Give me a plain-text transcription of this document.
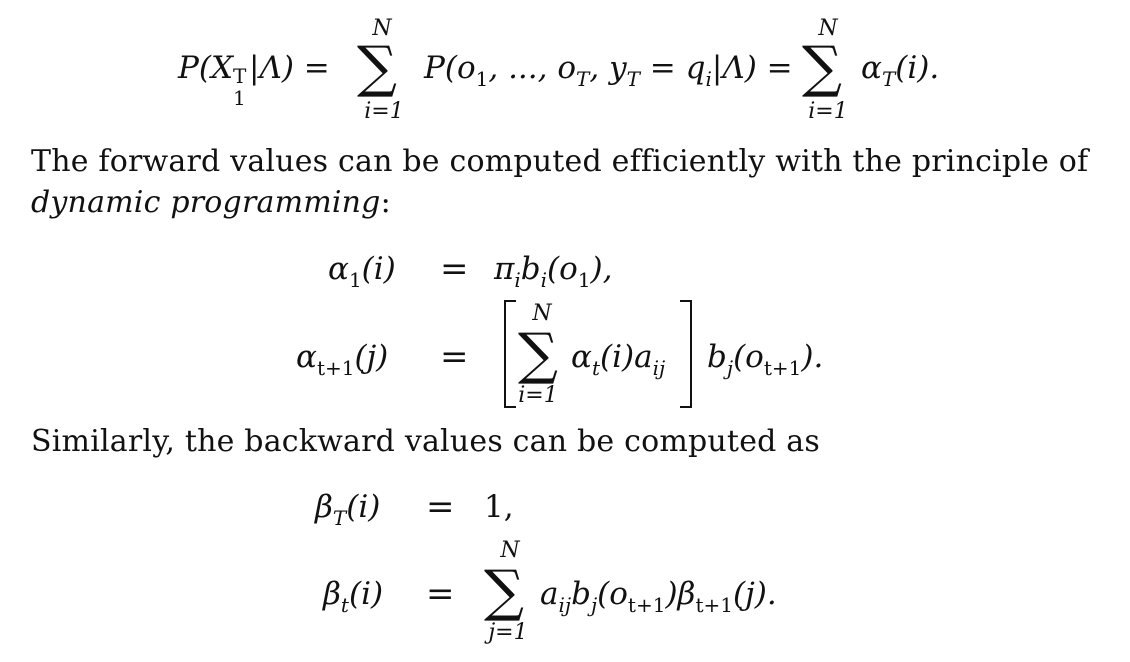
P(X T
1
|Λ) = ∑
N
i=1
$P(o_1$, ..., $o_T$, $y_T = q_i|\Lambda$) = ∑
N
i=1
$\alpha_T(i)$.
The forward values can be computed efficiently with the principle of
dynamic programming:
$\alpha_1(i) = \pi_ib_i(o_1)$,
$\alpha_{t+1}(j)$ = ∑
N
i=1
$\alpha_t(i)a_{ij}$ $b_j(o_{t+1})$.
Similarly, the backward values can be computed as
$\beta_T(i) = 1$,
$\beta_t(i)$ = ∑
N
j=1
$a_{ij}b_j(o_{t+1})\beta_{t+1}(j)$.
